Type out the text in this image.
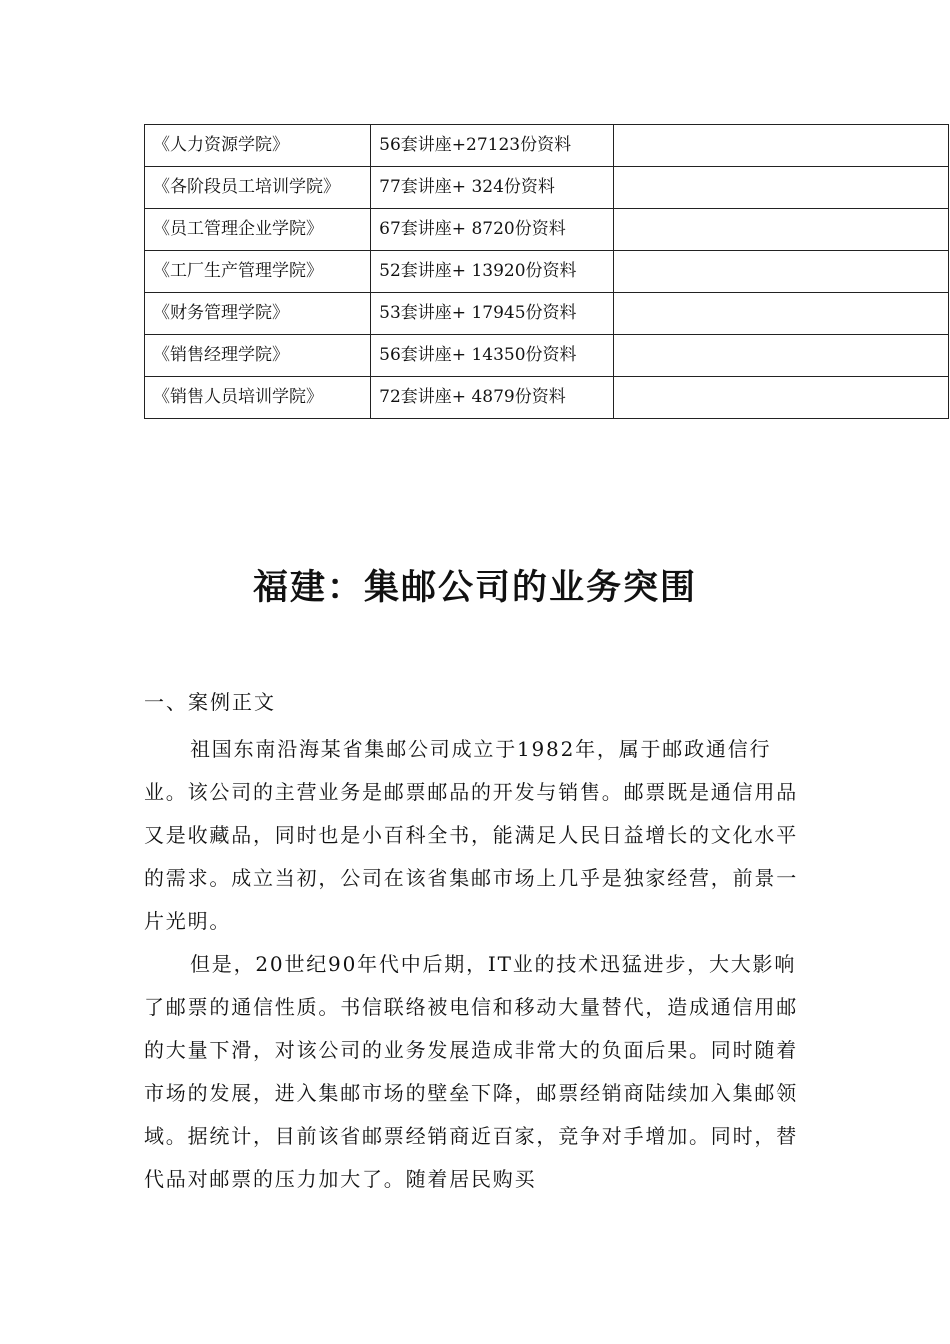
《人力资源学院》	56套讲座+27123份资料	
《各阶段员工培训学院》	77套讲座+ 324份资料	
《员工管理企业学院》	67套讲座+ 8720份资料	
《工厂生产管理学院》	52套讲座+ 13920份资料	
《财务管理学院》	53套讲座+ 17945份资料	
《销售经理学院》	56套讲座+ 14350份资料	
《销售人员培训学院》	72套讲座+ 4879份资料	
福建：集邮公司的业务突围
一、案例正文

祖国东南沿海某省集邮公司成立于1982年，属于邮政通信行业。该公司的主营业务是邮票邮品的开发与销售。邮票既是通信用品又是收藏品，同时也是小百科全书，能满足人民日益增长的文化水平的需求。成立当初，公司在该省集邮市场上几乎是独家经营，前景一片光明。

但是，20世纪90年代中后期，IT业的技术迅猛进步，大大影响了邮票的通信性质。书信联络被电信和移动大量替代，造成通信用邮的大量下滑，对该公司的业务发展造成非常大的负面后果。同时随着市场的发展，进入集邮市场的壁垒下降，邮票经销商陆续加入集邮领域。据统计，目前该省邮票经销商近百家，竞争对手增加。同时，替代品对邮票的压力加大了。随着居民购买
